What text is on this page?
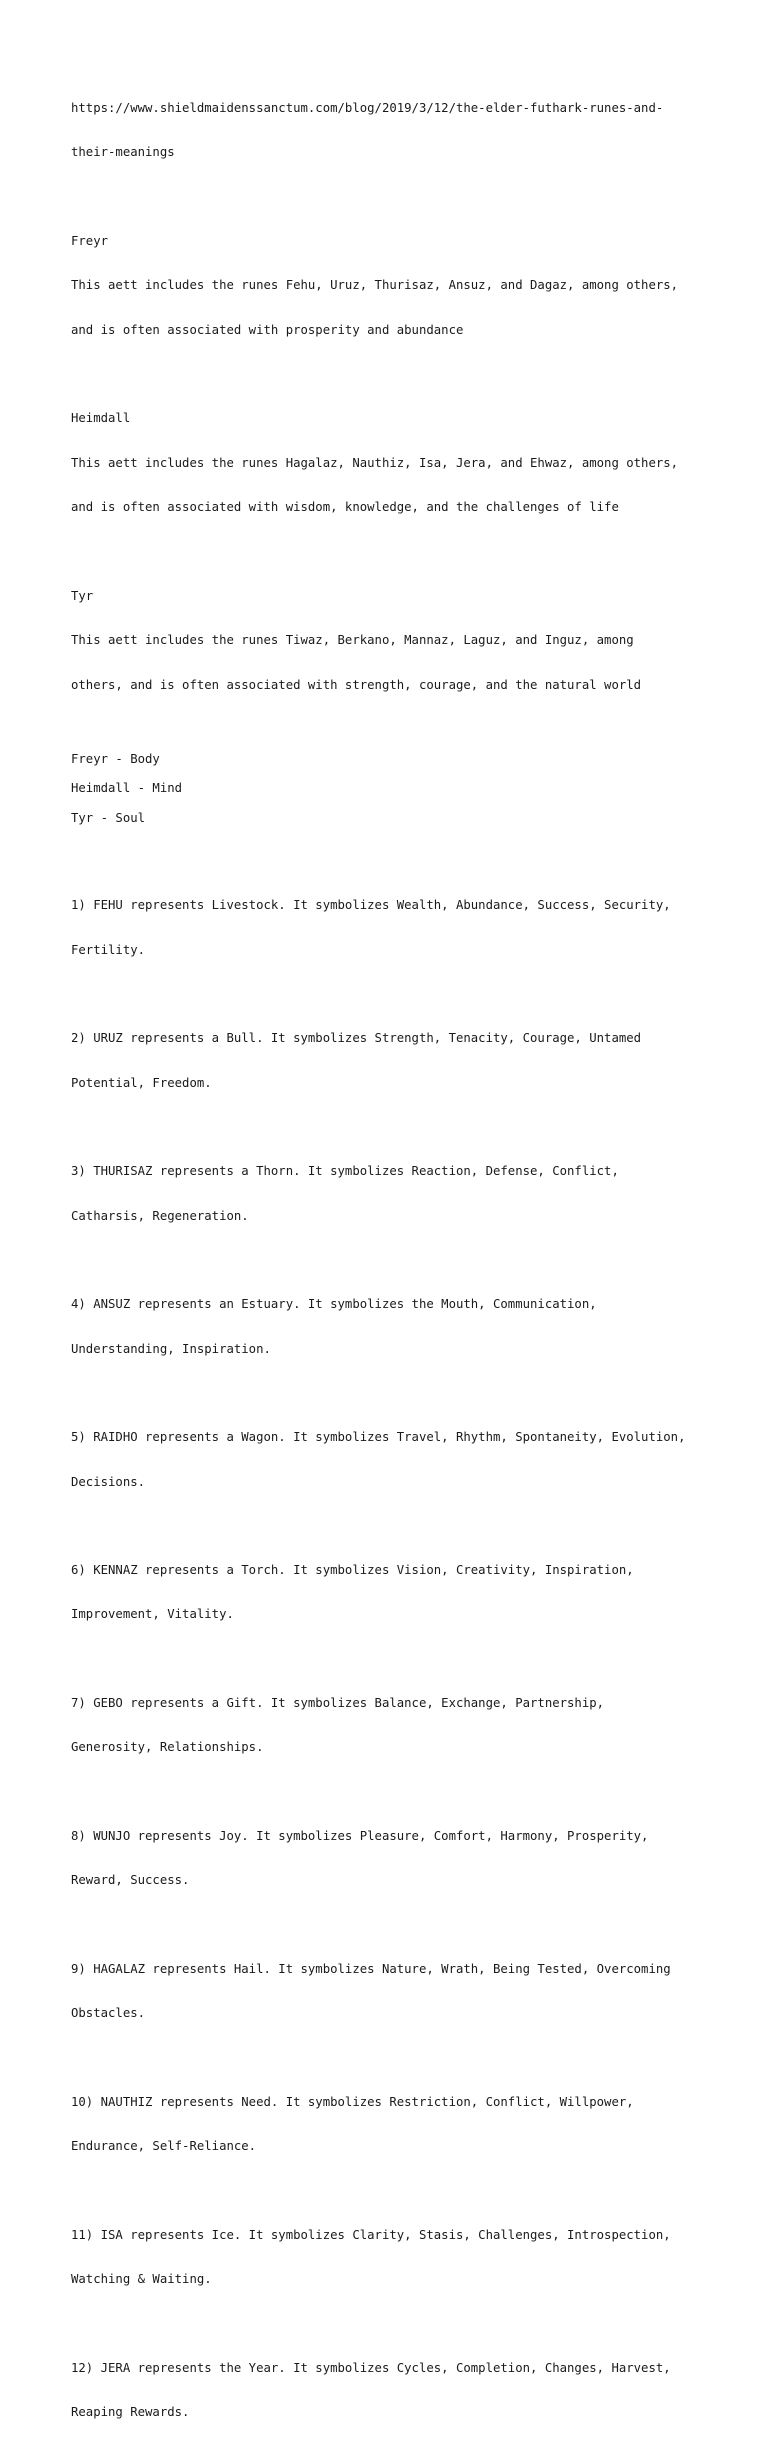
https://www.shieldmaidenssanctum.com/blog/2019/3/12/the-elder-futhark-runes-and-

their-meanings

Freyr

This aett includes the runes Fehu, Uruz, Thurisaz, Ansuz, and Dagaz, among others,

and is often associated with prosperity and abundance

Heimdall

This aett includes the runes Hagalaz, Nauthiz, Isa, Jera, and Ehwaz, among others,

and is often associated with wisdom, knowledge, and the challenges of life

Tyr

This aett includes the runes Tiwaz, Berkano, Mannaz, Laguz, and Inguz, among

others, and is often associated with strength, courage, and the natural world

Freyr - Body

Heimdall - Mind

Tyr - Soul

1) FEHU represents Livestock. It symbolizes Wealth, Abundance, Success, Security,

Fertility.

2) URUZ represents a Bull. It symbolizes Strength, Tenacity, Courage, Untamed

Potential, Freedom.

3) THURISAZ represents a Thorn. It symbolizes Reaction, Defense, Conflict,

Catharsis, Regeneration.

4) ANSUZ represents an Estuary. It symbolizes the Mouth, Communication,

Understanding, Inspiration.

5) RAIDHO represents a Wagon. It symbolizes Travel, Rhythm, Spontaneity, Evolution,

Decisions.

6) KENNAZ represents a Torch. It symbolizes Vision, Creativity, Inspiration,

Improvement, Vitality.

7) GEBO represents a Gift. It symbolizes Balance, Exchange, Partnership,

Generosity, Relationships.

8) WUNJO represents Joy. It symbolizes Pleasure, Comfort, Harmony, Prosperity,

Reward, Success.

9) HAGALAZ represents Hail. It symbolizes Nature, Wrath, Being Tested, Overcoming

Obstacles.

10) NAUTHIZ represents Need. It symbolizes Restriction, Conflict, Willpower,

Endurance, Self-Reliance.

11) ISA represents Ice. It symbolizes Clarity, Stasis, Challenges, Introspection,

Watching & Waiting.

12) JERA represents the Year. It symbolizes Cycles, Completion, Changes, Harvest,

Reaping Rewards.
